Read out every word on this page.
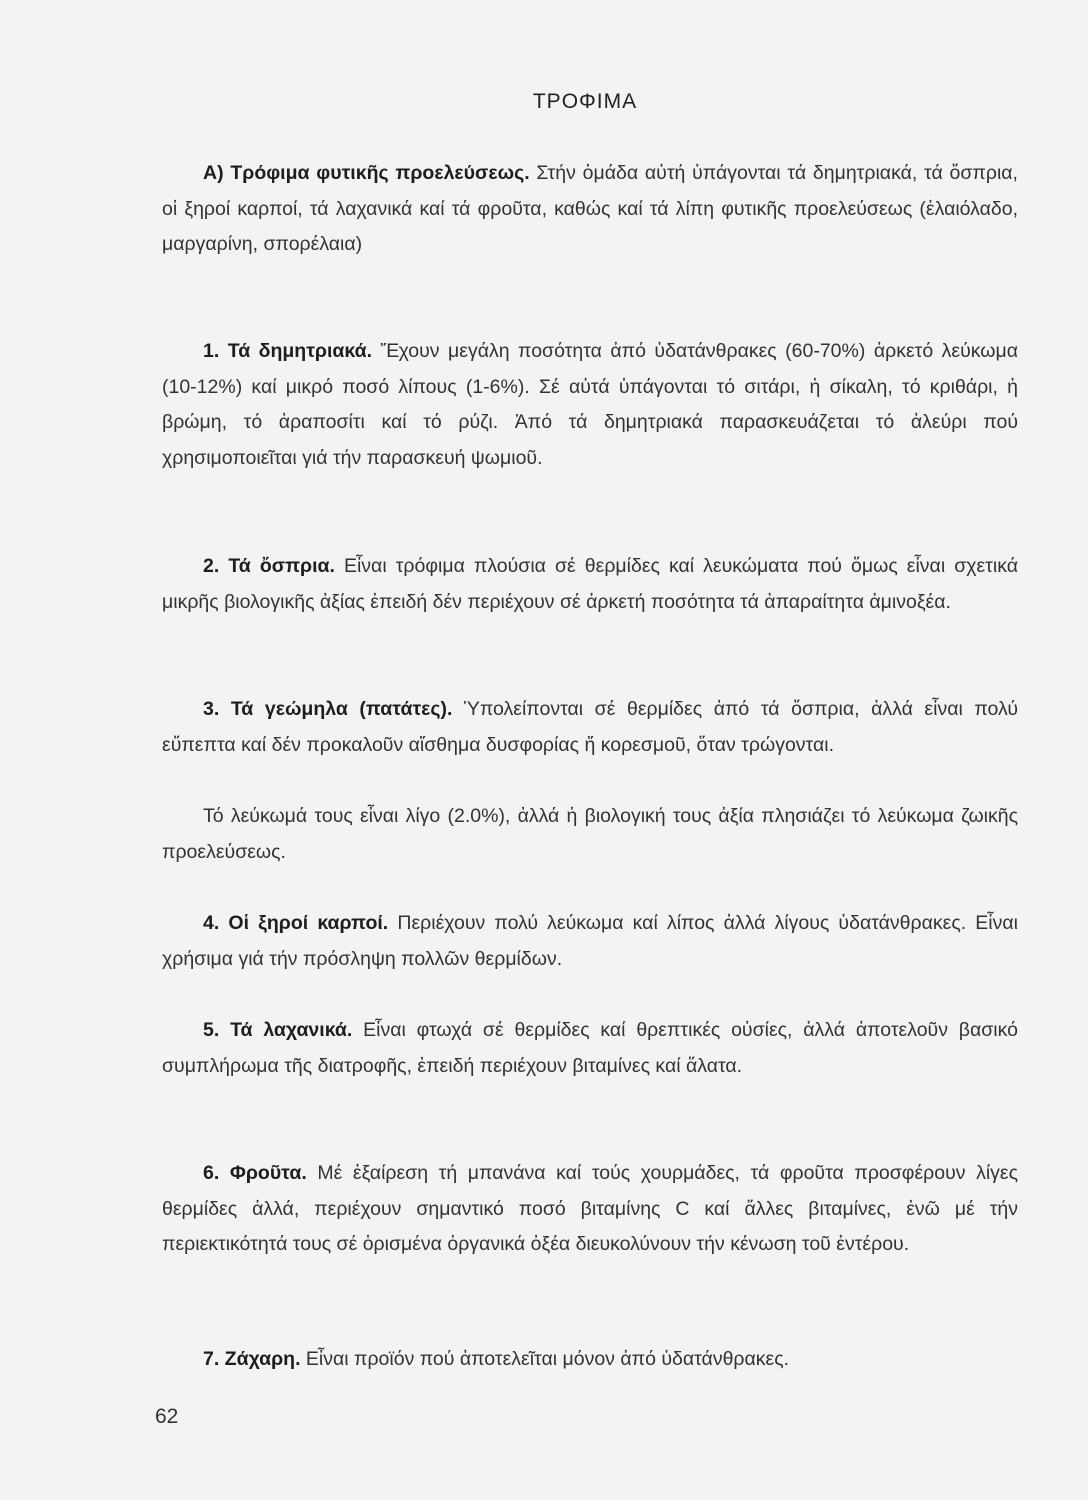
ΤΡΟΦΙΜΑ

Α) Τρόφιμα φυτικῆς προελεύσεως. Στήν ὁμάδα αὐτή ὑπάγονται τά δημητριακά, τά ὄσπρια, οἱ ξηροί καρποί, τά λαχανικά καί τά φροῦτα, καθώς καί τά λίπη φυτικῆς προελεύσεως (ἐλαιόλαδο, μαργαρίνη, σπορέλαια)

1. Τά δημητριακά. Ἔχουν μεγάλη ποσότητα ἀπό ὑδατάνθρακες (60-70%) ἀρκετό λεύκωμα (10-12%) καί μικρό ποσό λίπους (1-6%). Σέ αὐτά ὑπάγονται τό σιτάρι, ἡ σίκαλη, τό κριθάρι, ἡ βρώμη, τό ἀραποσίτι καί τό ρύζι. Ἀπό τά δημητριακά παρασκευάζεται τό ἀλεύρι πού χρησιμοποιεῖται γιά τήν παρασκευή ψωμιοῦ.

2. Τά ὄσπρια. Εἶναι τρόφιμα πλούσια σέ θερμίδες καί λευκώματα πού ὅμως εἶναι σχετικά μικρῆς βιολογικῆς ἀξίας ἐπειδή δέν περιέχουν σέ ἀρκετή ποσότητα τά ἀπαραίτητα ἀμινοξέα.

3. Τά γεώμηλα (πατάτες). Ὑπολείπονται σέ θερμίδες ἀπό τά ὄσπρια, ἀλλά εἶναι πολύ εὔπεπτα καί δέν προκαλοῦν αἴσθημα δυσφορίας ἤ κορεσμοῦ, ὅταν τρώγονται.

Τό λεύκωμά τους εἶναι λίγο (2.0%), ἀλλά ἡ βιολογική τους ἀξία πλησιάζει τό λεύκωμα ζωικῆς προελεύσεως.

4. Οἱ ξηροί καρποί. Περιέχουν πολύ λεύκωμα καί λίπος ἀλλά λίγους ὑδατάνθρακες. Εἶναι χρήσιμα γιά τήν πρόσληψη πολλῶν θερμίδων.

5. Τά λαχανικά. Εἶναι φτωχά σέ θερμίδες καί θρεπτικές οὐσίες, ἀλλά ἀποτελοῦν βασικό συμπλήρωμα τῆς διατροφῆς, ἐπειδή περιέχουν βιταμίνες καί ἅλατα.

6. Φροῦτα. Μέ ἐξαίρεση τή μπανάνα καί τούς χουρμάδες, τά φροῦτα προσφέρουν λίγες θερμίδες ἀλλά, περιέχουν σημαντικό ποσό βιταμίνης C καί ἄλλες βιταμίνες, ἐνῶ μέ τήν περιεκτικότητά τους σέ ὁρισμένα ὀργανικά ὀξέα διευκολύνουν τήν κένωση τοῦ ἐντέρου.

7. Ζάχαρη. Εἶναι προϊόν πού ἀποτελεῖται μόνον ἀπό ὑδατάνθρακες.

62
